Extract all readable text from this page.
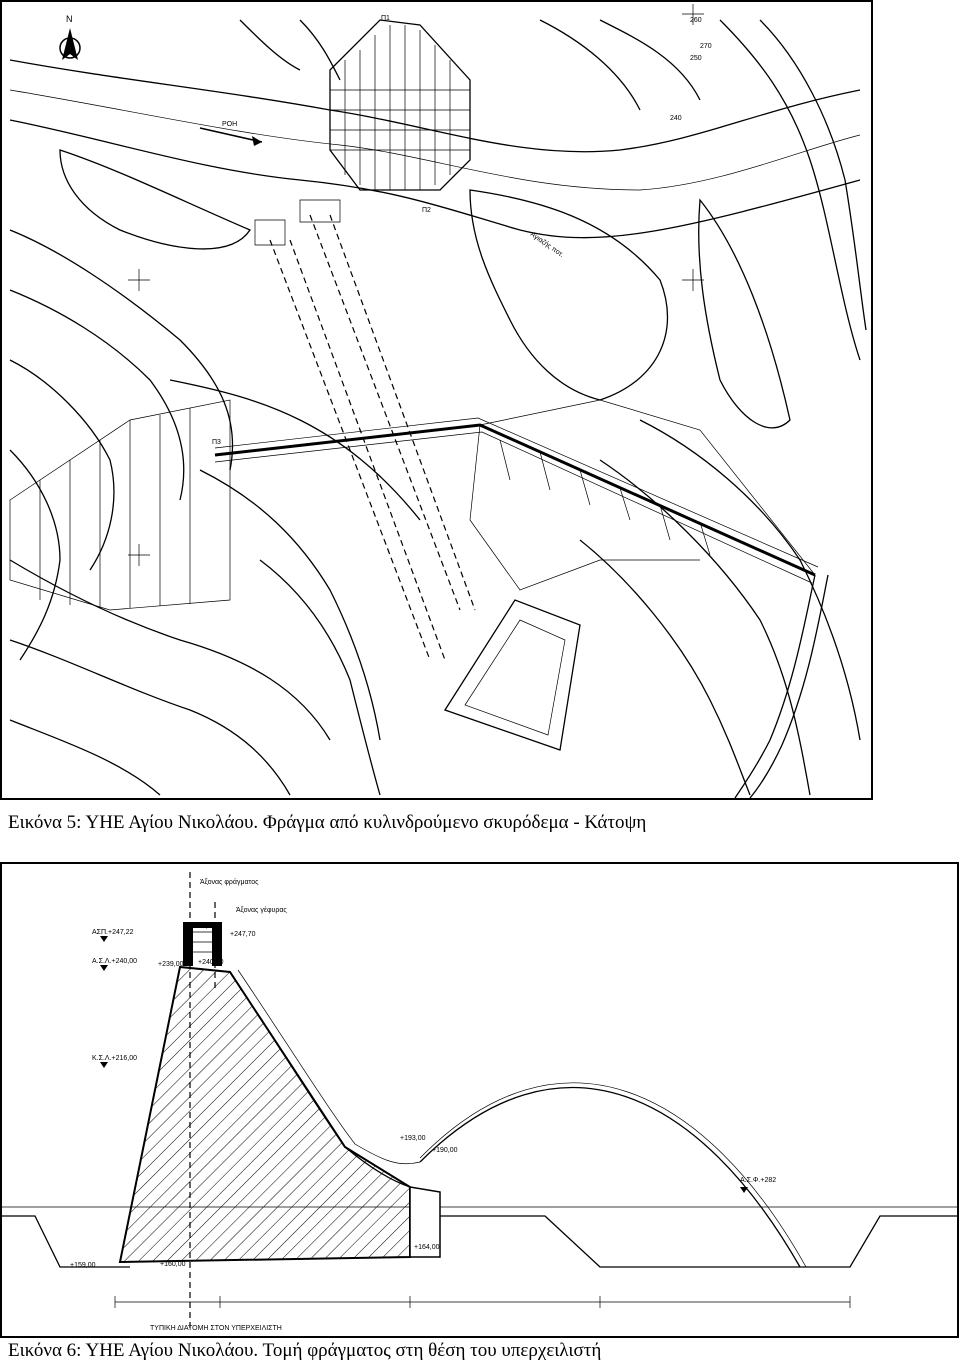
N
ΡΟΗ
Π1
Π2
Π3
Αγιαζής ποτ.
260
270
250
240
Εικόνα 5: ΥΗΕ Αγίου Νικολάου. Φράγμα από κυλινδρούμενο σκυρόδεμα - Κάτοψη
Άξονας φράγματος
Άξονας γέφυρας
ΑΣΠ.+247,22
Α.Σ.Λ.+240,00
Κ.Σ.Λ.+216,00
+250,00
+247,70
+239,00 +240,00
+193,00
+190,00
+164,00
+160,00
+159,00
Α.Σ.Φ.+282
ΤΥΠΙΚΗ ΔΙΑΤΟΜΗ ΣΤΟΝ ΥΠΕΡΧΕΙΛΙΣΤΗ
Εικόνα 6: ΥΗΕ Αγίου Νικολάου. Τομή φράγματος στη θέση του υπερχειλιστή
